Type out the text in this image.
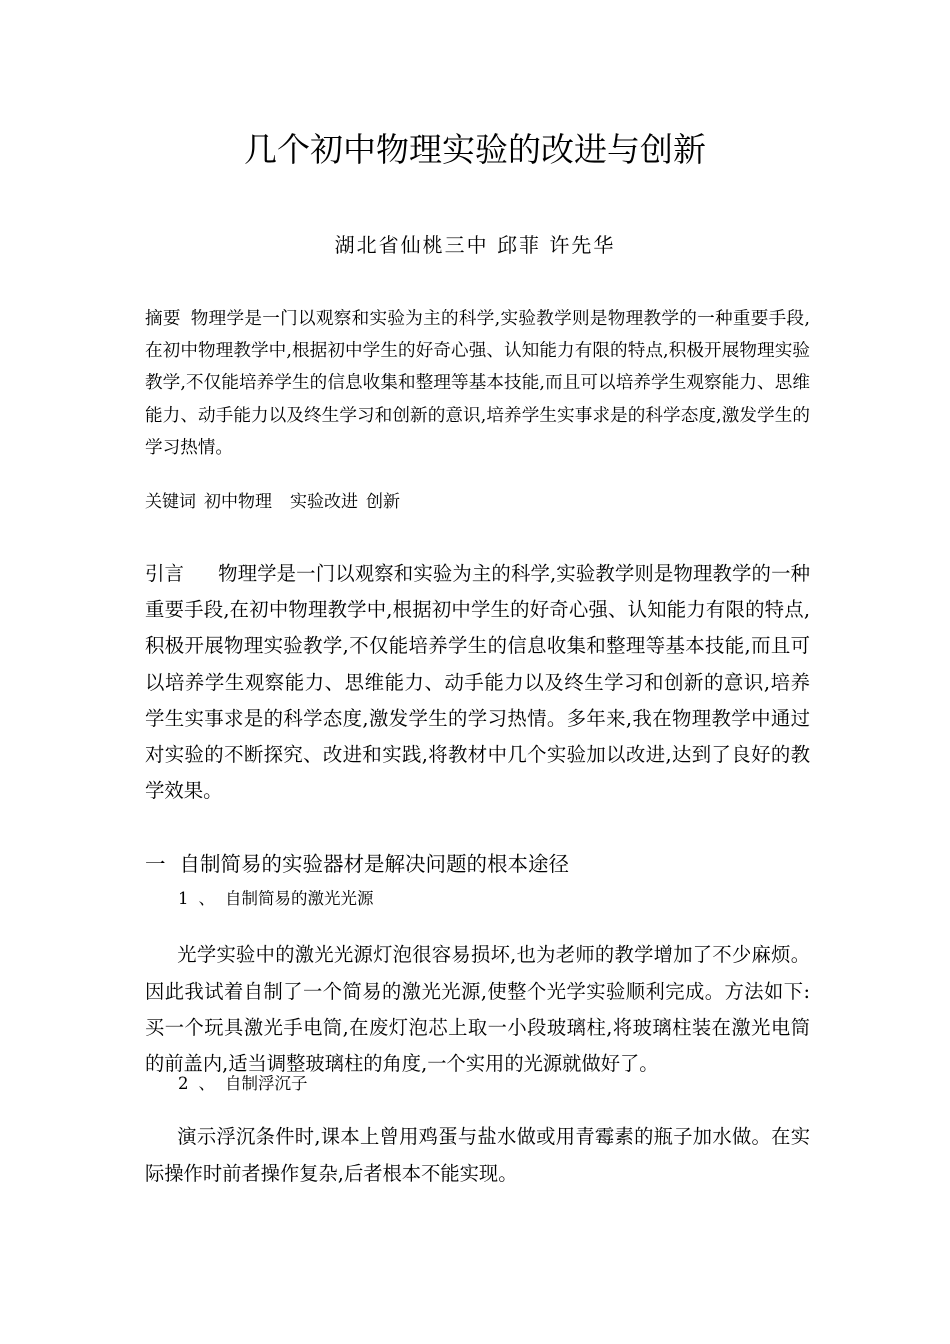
几个初中物理实验的改进与创新
湖北省仙桃三中 邱菲 许先华

摘要 物理学是一门以观察和实验为主的科学,实验教学则是物理教学的一种重要手段,在初中物理教学中,根据初中学生的好奇心强、认知能力有限的特点,积极开展物理实验教学,不仅能培养学生的信息收集和整理等基本技能,而且可以培养学生观察能力、思维能力、动手能力以及终生学习和创新的意识,培养学生实事求是的科学态度,激发学生的学习热情。

关键词 初中物理 实验改进 创新

引言 物理学是一门以观察和实验为主的科学,实验教学则是物理教学的一种重要手段,在初中物理教学中,根据初中学生的好奇心强、认知能力有限的特点,积极开展物理实验教学,不仅能培养学生的信息收集和整理等基本技能,而且可以培养学生观察能力、思维能力、动手能力以及终生学习和创新的意识,培养学生实事求是的科学态度,激发学生的学习热情。多年来,我在物理教学中通过对实验的不断探究、改进和实践,将教材中几个实验加以改进,达到了良好的教学效果。

一 自制简易的实验器材是解决问题的根本途径
1 、 自制简易的激光光源

光学实验中的激光光源灯泡很容易损坏,也为老师的教学增加了不少麻烦。因此我试着自制了一个简易的激光光源,使整个光学实验顺利完成。方法如下:买一个玩具激光手电筒,在废灯泡芯上取一小段玻璃柱,将玻璃柱装在激光电筒的前盖内,适当调整玻璃柱的角度,一个实用的光源就做好了。

2 、 自制浮沉子

演示浮沉条件时,课本上曾用鸡蛋与盐水做或用青霉素的瓶子加水做。在实际操作时前者操作复杂,后者根本不能实现。
